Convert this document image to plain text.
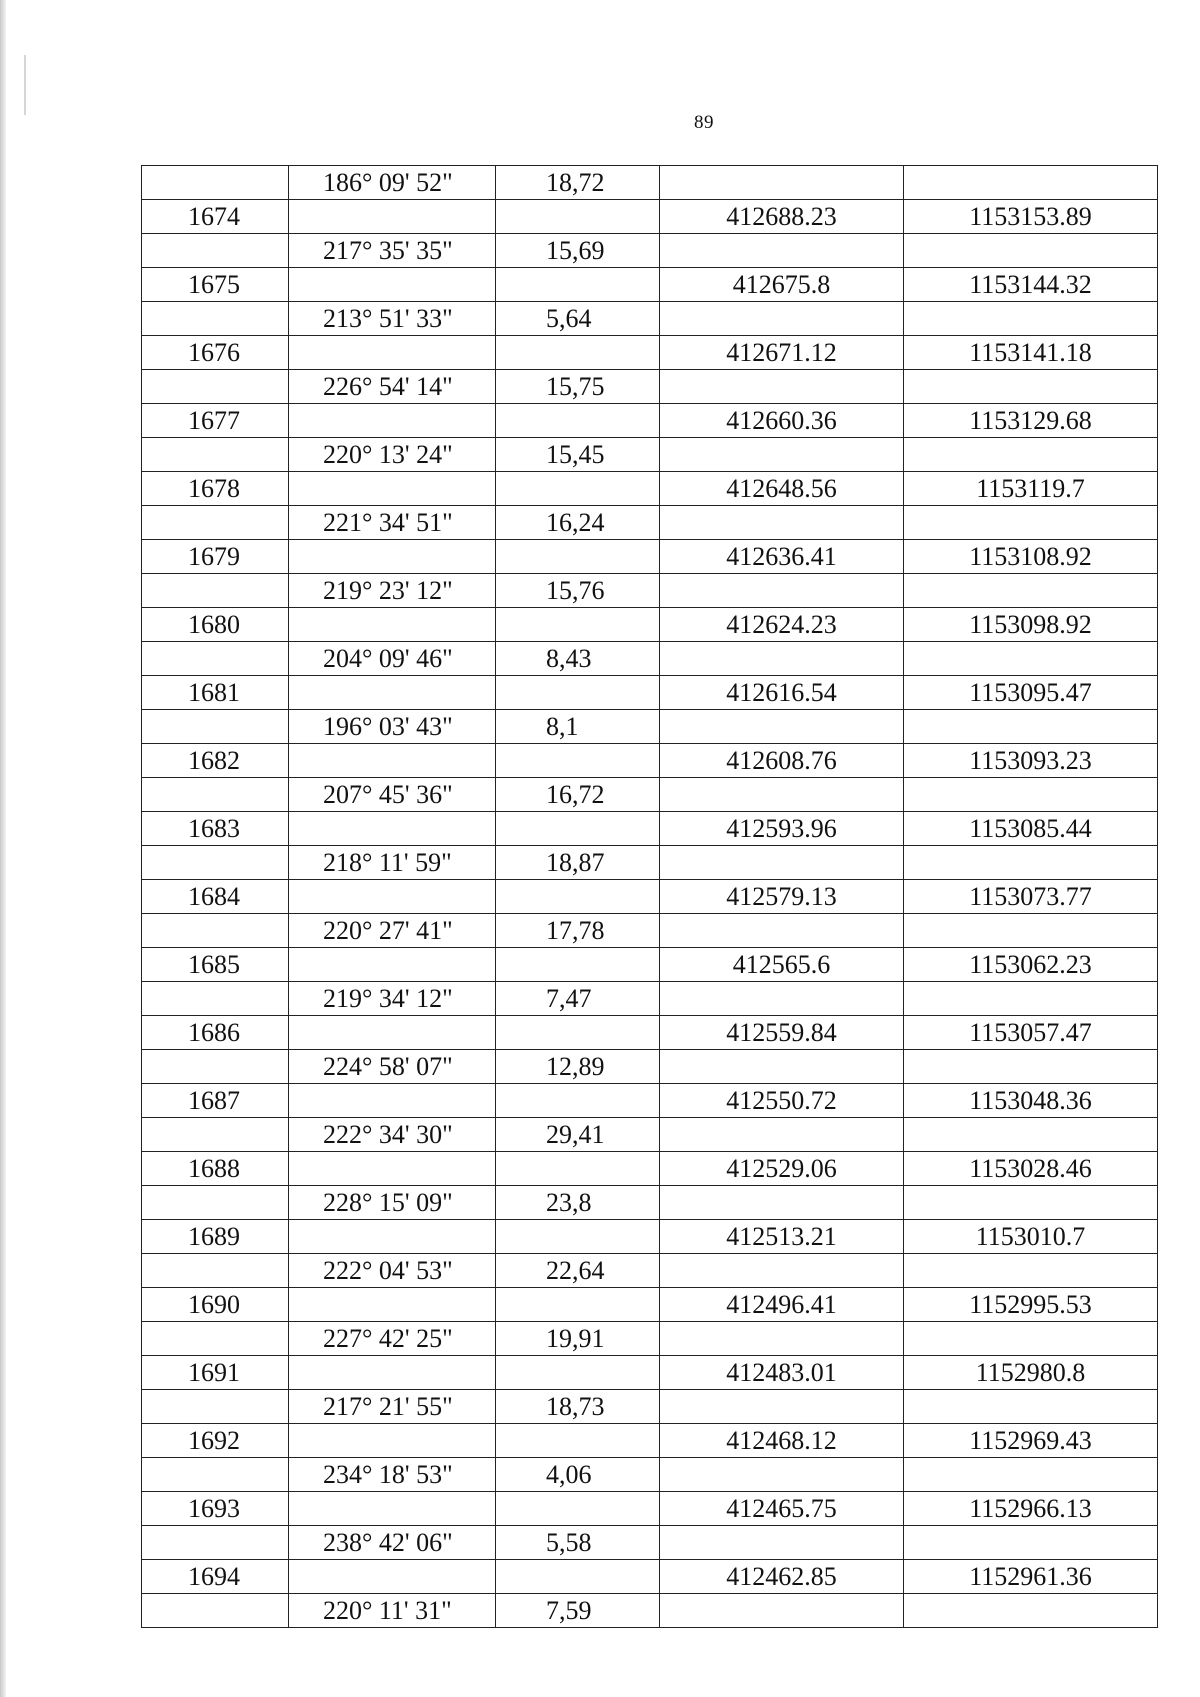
89
	186° 09' 52"	18,72		
1674			412688.23	1153153.89
	217° 35' 35"	15,69		
1675			412675.8	1153144.32
	213° 51' 33"	5,64		
1676			412671.12	1153141.18
	226° 54' 14"	15,75		
1677			412660.36	1153129.68
	220° 13' 24"	15,45		
1678			412648.56	1153119.7
	221° 34' 51"	16,24		
1679			412636.41	1153108.92
	219° 23' 12"	15,76		
1680			412624.23	1153098.92
	204° 09' 46"	8,43		
1681			412616.54	1153095.47
	196° 03' 43"	8,1		
1682			412608.76	1153093.23
	207° 45' 36"	16,72		
1683			412593.96	1153085.44
	218° 11' 59"	18,87		
1684			412579.13	1153073.77
	220° 27' 41"	17,78		
1685			412565.6	1153062.23
	219° 34' 12"	7,47		
1686			412559.84	1153057.47
	224° 58' 07"	12,89		
1687			412550.72	1153048.36
	222° 34' 30"	29,41		
1688			412529.06	1153028.46
	228° 15' 09"	23,8		
1689			412513.21	1153010.7
	222° 04' 53"	22,64		
1690			412496.41	1152995.53
	227° 42' 25"	19,91		
1691			412483.01	1152980.8
	217° 21' 55"	18,73		
1692			412468.12	1152969.43
	234° 18' 53"	4,06		
1693			412465.75	1152966.13
	238° 42' 06"	5,58		
1694			412462.85	1152961.36
	220° 11' 31"	7,59		
